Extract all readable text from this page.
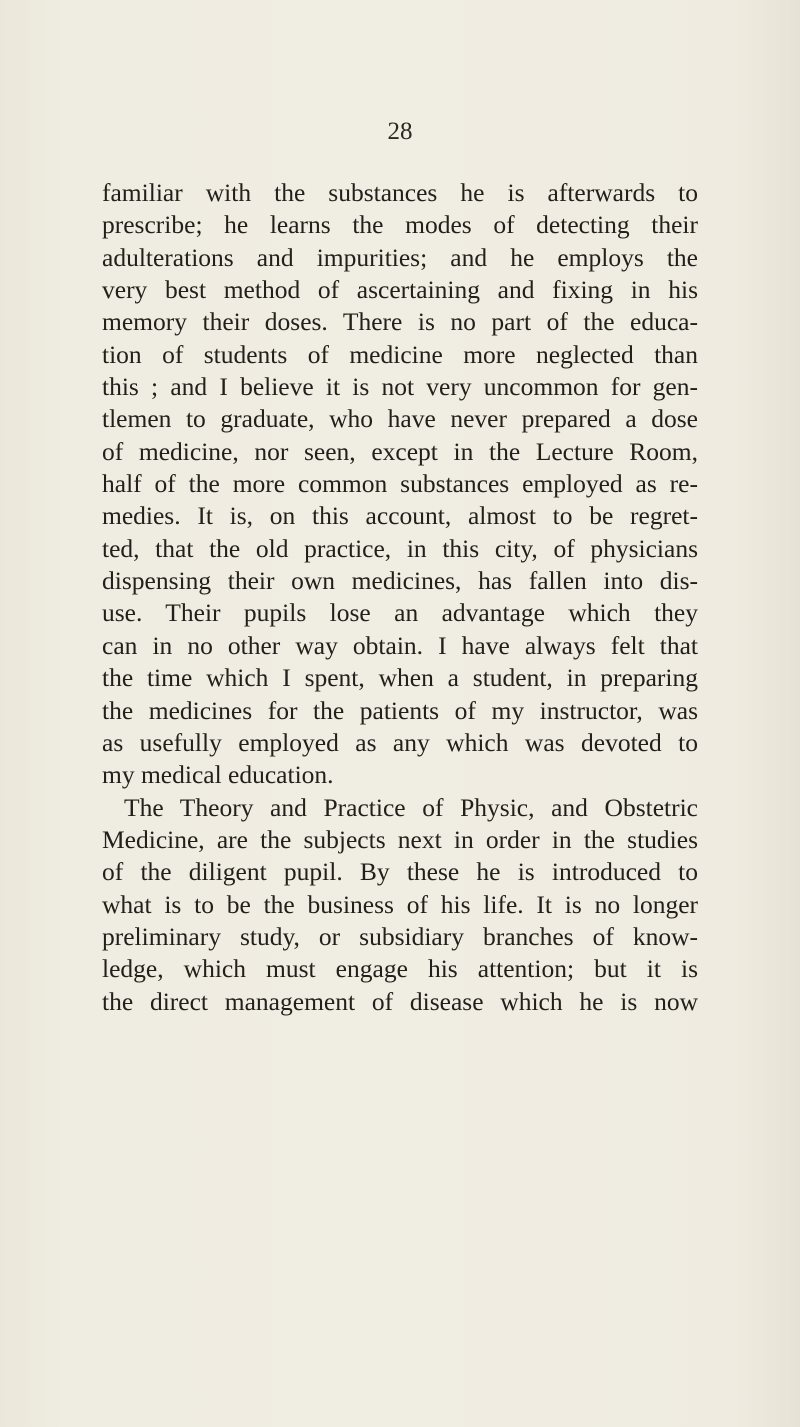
28
familiar with the substances he is afterwards to
prescribe; he learns the modes of detecting their
adulterations and impurities; and he employs the
very best method of ascertaining and fixing in his
memory their doses. There is no part of the educa-
tion of students of medicine more neglected than
this ; and I believe it is not very uncommon for gen-
tlemen to graduate, who have never prepared a dose
of medicine, nor seen, except in the Lecture Room,
half of the more common substances employed as re-
medies. It is, on this account, almost to be regret-
ted, that the old practice, in this city, of physicians
dispensing their own medicines, has fallen into dis-
use. Their pupils lose an advantage which they
can in no other way obtain. I have always felt that
the time which I spent, when a student, in preparing
the medicines for the patients of my instructor, was
as usefully employed as any which was devoted to
my medical education.
The Theory and Practice of Physic, and Obstetric
Medicine, are the subjects next in order in the studies
of the diligent pupil. By these he is introduced to
what is to be the business of his life. It is no longer
preliminary study, or subsidiary branches of know-
ledge, which must engage his attention; but it is
the direct management of disease which he is now
